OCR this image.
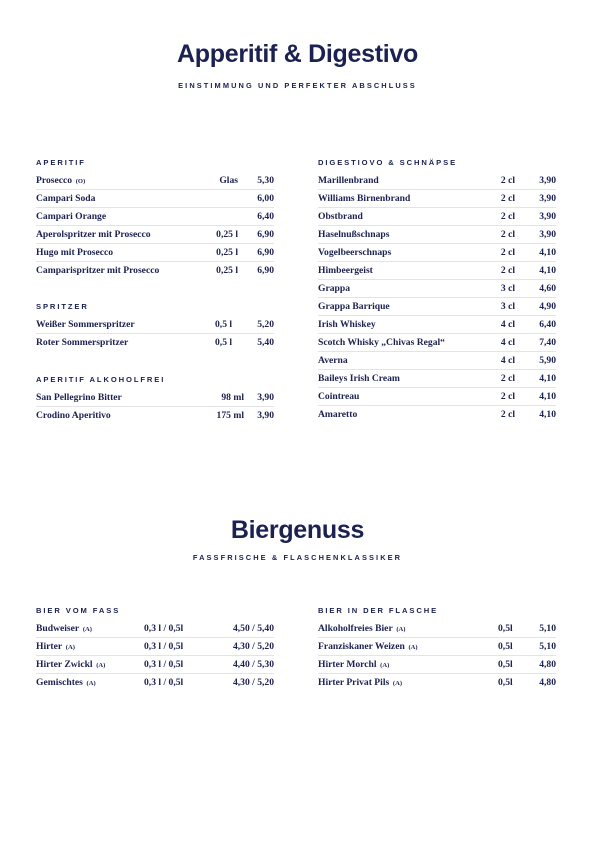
Apperitif & Digestivo
EINSTIMMUNG UND PERFEKTER ABSCHLUSS
APERITIF
Prosecco (O)	Glas 5,30
Campari Soda	6,00
Campari Orange	6,40
Aperolspritzer mit Prosecco	0,25 l 6,90
Hugo mit Prosecco	0,25 l 6,90
Camparispritzer mit Prosecco	0,25 l 6,90
SPRITZER
Weißer Sommerspritzer	0,5 l	5,20
Roter Sommerspritzer	0,5 l	5,40
APERITIF ALKOHOLFREI
San Pellegrino Bitter	98 ml 3,90
Crodino Aperitivo	175 ml 3,90
DIGESTIOVO & SCHNÄPSE
Marillenbrand	2 cl	3,90
Williams Birnenbrand	2 cl	3,90
Obstbrand	2 cl	3,90
Haselnußschnaps	2 cl	3,90
Vogelbeerschnaps	2 cl	4,10
Himbeergeist	2 cl	4,10
Grappa	3 cl	4,60
Grappa Barrique	3 cl	4,90
Irish Whiskey	4 cl	6,40
Scotch Whisky „Chivas Regal“	4 cl	7,40
Averna	4 cl	5,90
Baileys Irish Cream	2 cl	4,10
Cointreau	2 cl	4,10
Amaretto	2 cl	4,10
Biergenuss
FASSFRISCHE & FLASCHENKLASSIKER
BIER VOM FASS
Budweiser (A)	0,3 l / 0,5l	4,50 / 5,40
Hirter (A)	0,3 l / 0,5l	4,30 / 5,20
Hirter Zwickl (A)	0,3 l / 0,5l	4,40 / 5,30
Gemischtes (A)	0,3 l / 0,5l	4,30 / 5,20
BIER IN DER FLASCHE
Alkoholfreies Bier (A)	0,5l	5,10
Franziskaner Weizen (A)	0,5l	5,10
Hirter Morchl (A)	0,5l	4,80
Hirter Privat Pils (A)	0,5l	4,80
